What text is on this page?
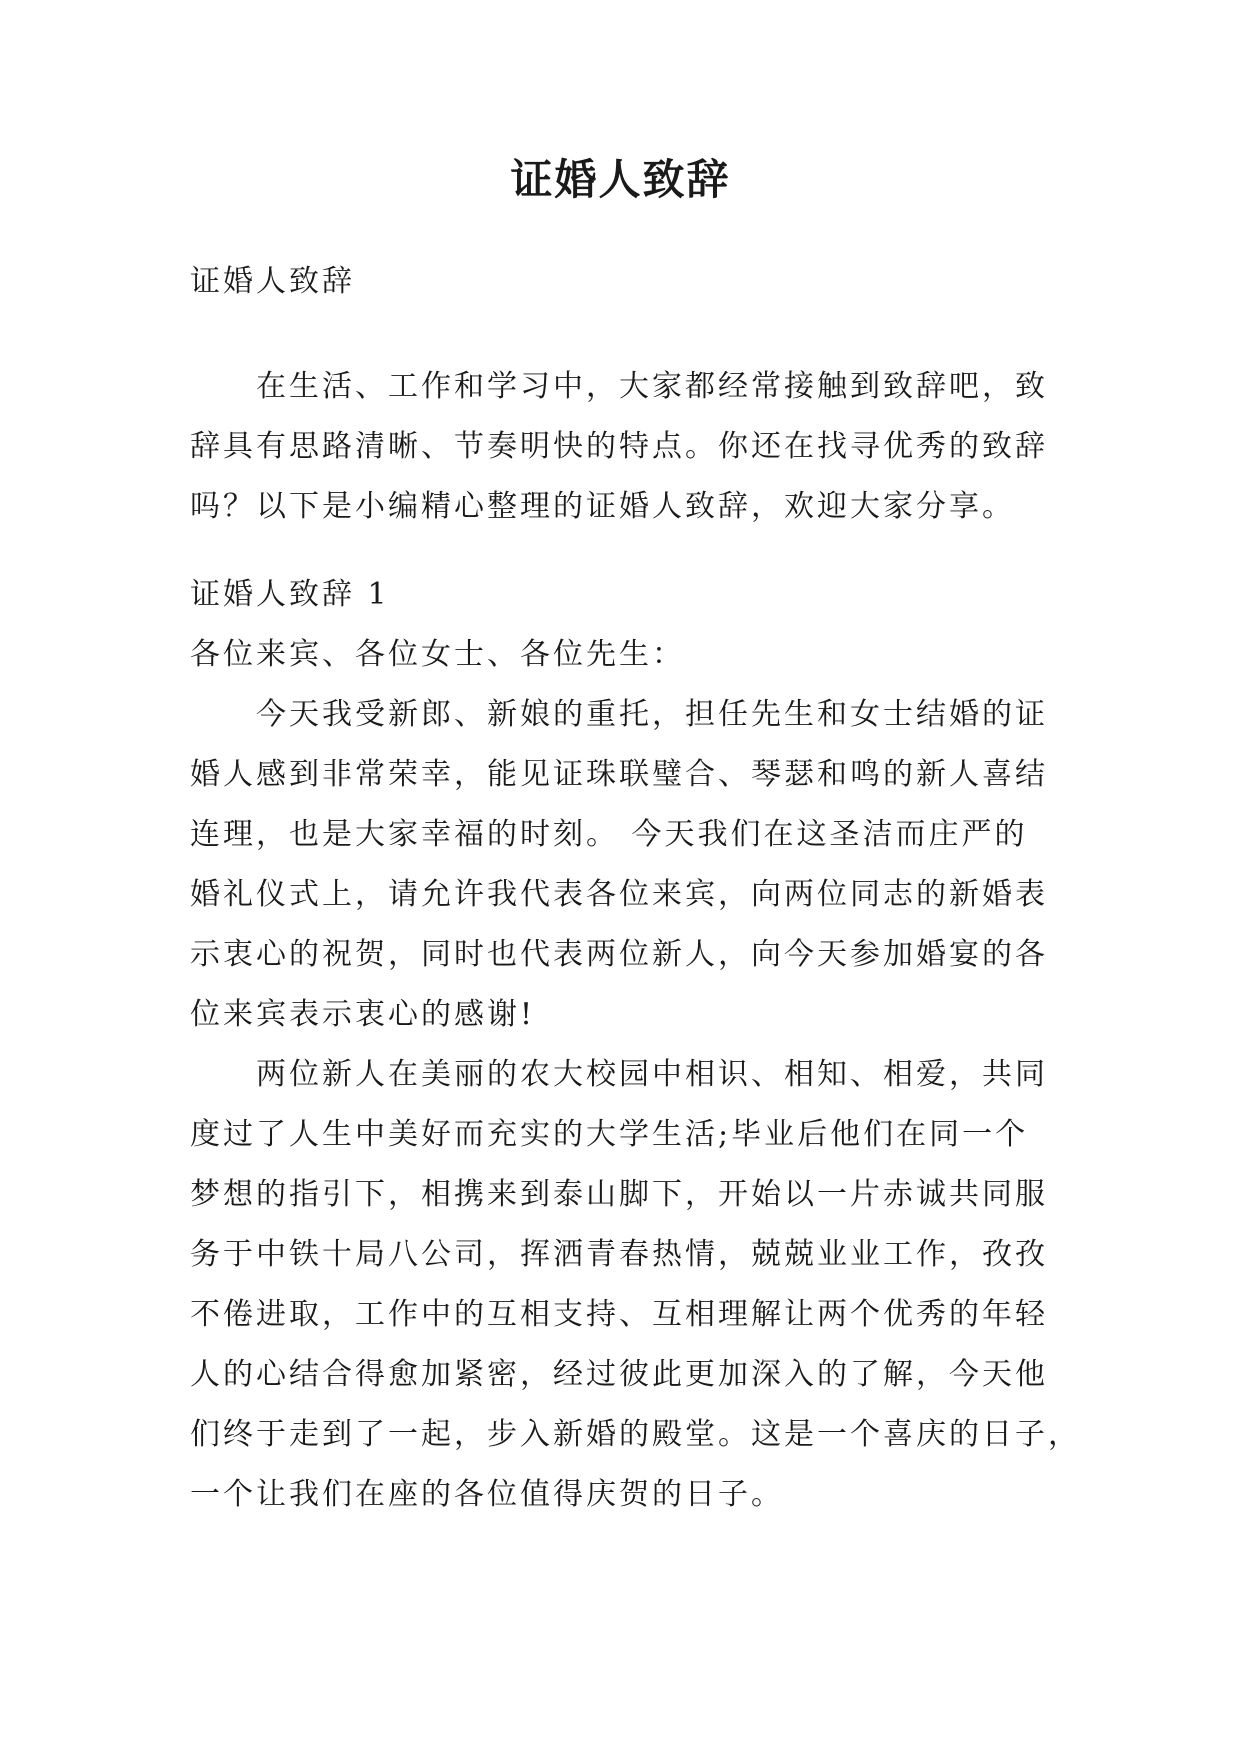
证婚人致辞

证婚人致辞

在生活、工作和学习中，大家都经常接触到致辞吧，致

辞具有思路清晰、节奏明快的特点。你还在找寻优秀的致辞

吗？以下是小编精心整理的证婚人致辞，欢迎大家分享。

证婚人致辞 1

各位来宾、各位女士、各位先生：

今天我受新郎、新娘的重托，担任先生和女士结婚的证

婚人感到非常荣幸，能见证珠联璧合、琴瑟和鸣的新人喜结

连理，也是大家幸福的时刻。 今天我们在这圣洁而庄严的

婚礼仪式上，请允许我代表各位来宾，向两位同志的新婚表

示衷心的祝贺，同时也代表两位新人，向今天参加婚宴的各

位来宾表示衷心的感谢!

两位新人在美丽的农大校园中相识、相知、相爱，共同

度过了人生中美好而充实的大学生活;毕业后他们在同一个

梦想的指引下，相携来到泰山脚下，开始以一片赤诚共同服

务于中铁十局八公司，挥洒青春热情，兢兢业业工作，孜孜

不倦进取，工作中的互相支持、互相理解让两个优秀的年轻

人的心结合得愈加紧密，经过彼此更加深入的了解，今天他

们终于走到了一起，步入新婚的殿堂。这是一个喜庆的日子，

一个让我们在座的各位值得庆贺的日子。
